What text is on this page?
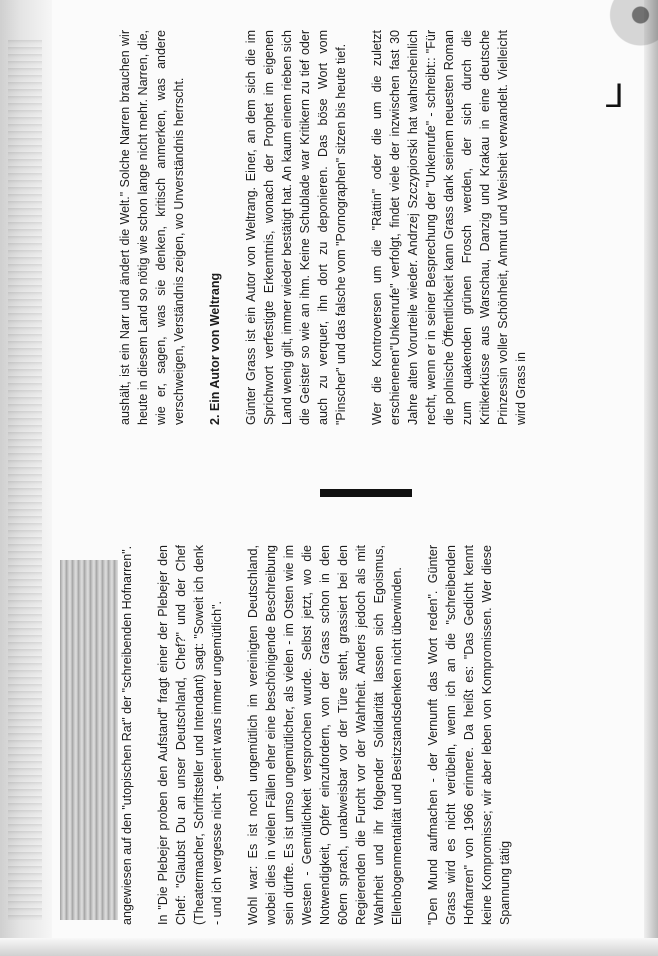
⅃

angewiesen auf den "utopischen Rat" der "schreibenden Hofnarren". In "Die Plebejer proben den Aufstand" fragt einer der Plebejer den Chef: "Glaubst Du an unser Deutschland, Chef?" und der Chef (Theatermacher, Schriftsteller und Intendant) sagt: "Soweit ich denk - und ich vergesse nicht - geeint wars immer ungemütlich". Wohl war: Es ist noch ungemütlich im vereinigten Deutschland, wobei dies in vielen Fällen eher eine beschönigende Beschreibung sein dürfte. Es ist umso ungemütlicher, als vielen - im Osten wie im Westen - Gemütlichkeit versprochen wurde. Selbst jetzt, wo die Notwendigkeit, Opfer einzufordern, von der Grass schon in den 60ern sprach, unabweisbar vor der Türe steht, grassiert bei den Regierenden die Furcht vor der Wahrheit. Anders jedoch als mit Wahrheit und ihr folgender Solidarität lassen sich Egoismus, Ellenbogenmentalität und Besitzstandsdenken nicht überwinden. "Den Mund aufmachen - der Vernunft das Wort reden". Günter Grass wird es nicht verübeln, wenn ich an die "schreibenden Hofnarren" von 1966 erinnere. Da heißt es: "Das Gedicht kennt keine Kompromisse; wir aber leben von Kompromissen. Wer diese Spannung tätig

aushält, ist ein Narr und ändert die Welt." Solche Narren brauchen wir heute in diesem Land so nötig wie schon lange nicht mehr. Narren, die, wie er, sagen, was sie denken, kritisch anmerken, was andere verschweigen, Verständnis zeigen, wo Unverständnis herrscht. 2. Ein Autor von Weltrang Günter Grass ist ein Autor von Weltrang. Einer, an dem sich die im Sprichwort verfestigte Erkenntnis, wonach der Prophet im eigenen Land wenig gilt, immer wieder bestätigt hat. An kaum einem rieben sich die Geister so wie an ihm. Keine Schublade war Kritikern zu tief oder auch zu verquer, ihn dort zu deponieren. Das böse Wort vom "Pinscher" und das falsche vom "Pornographen" sitzen bis heute tief. Wer die Kontroversen um die "Rättin" oder die um die zuletzt erschienenen"Unkenrufe" verfolgt, findet viele der inzwischen fast 30 Jahre alten Vorurteile wieder. Andrzej Szczypiorski hat wahrscheinlich recht, wenn er in seiner Besprechung der "Unkenrufe" - schreibt:: "Für die polnische Öffentlichkeit kann Grass dank seinem neuesten Roman zum quakenden grünen Frosch werden, der sich durch die Kritikerküsse aus Warschau, Danzig und Krakau in eine deutsche Prinzessin voller Schönheit, Anmut und Weisheit verwandelt. Vielleicht wird Grass in
